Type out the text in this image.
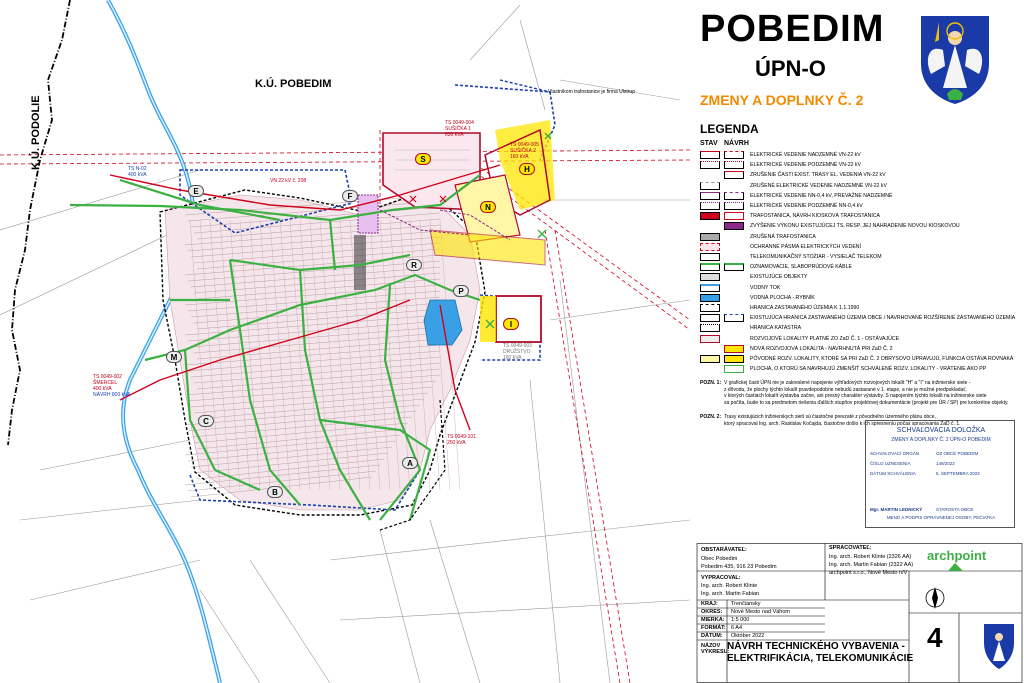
K.Ú. POBEDIM
K.Ú. PODOLIE
Vlastníkom trafostanice je firma Ulstrup
VN 22 kV č. 208
TS 0049-004
SUŠIČKA 1
630 kVA
TS 0049-005
SUŠIČKA 2
160 kVA
TS N-02
400 kVA
TS 0049-002
ŠMERCEL
400 kVA
NÁVRH 800 kVA
TS 0049-003
DRUŽSTVO
160 kVA
TS 0049-101
250 kVA
S
H
N
E
F
R
P
I
M
C
B
A
POBEDIM
ÚPN-O
ZMENY A DOPLNKY Č. 2
LEGENDA
STAV NÁVRH
ELEKTRICKÉ VEDENIE NADZEMNÉ VN-22 kV
ELEKTRICKÉ VEDENIE PODZEMNÉ VN-22 kV
ZRUŠENIE ČASTI EXIST. TRASY EL. VEDENIA VN-22 kV
ZRUŠENÉ ELEKTRICKÉ VEDENIE NADZEMNÉ VN-22 kV
ELEKTRICKÉ VEDENIE NN-0,4 kV, PREVAŽNE NADZEMNÉ
ELEKTRICKÉ VEDENIE PODZEMNÉ NN-0,4 kV
TRAFOSTANICA, NÁVRH KIOSKOVÁ TRAFOSTANICA
ZVÝŠENIE VÝKONU EXISTUJÚCEJ TS, RESP. JEJ NAHRADENIE NOVOU KIOSKOVOU
ZRUŠENÁ TRAFOSTANICA
OCHRANNÉ PÁSMA ELEKTRICKÝCH VEDENÍ
TELEKOMUNIKAČNÝ STOŽIAR - VYSIELAČ TELEKOM
OZNAMOVACIE, SLABOPRÚDOVÉ KÁBLE
EXISTUJÚCE OBJEKTY
VODNÝ TOK
VODNÁ PLOCHA - RYBNÍK
HRANICA ZASTAVANÉHO ÚZEMIA K 1.1.1990
EXISTUJÚCA HRANICA ZASTAVANÉHO ÚZEMIA OBCE / NAVRHOVANÉ ROZŠÍRENIE ZASTAVANÉHO ÚZEMIA
HRANICA KATASTRA
ROZVOJOVÉ LOKALITY PLATNÉ ZO ZaD Č. 1 - OSTÁVAJÚCE
NOVÁ ROZVOJOVÁ LOKALITA - NAVRHNUTÁ PRI ZaD Č. 2
PÔVODNÉ ROZV. LOKALITY, KTORÉ SA PRI ZaD Č. 2 OBRYSOVO UPRAVUJÚ, FUNKCIA OSTÁVA ROVNAKÁ
PLOCHA, O KTORÚ SA NAVRHUJÚ ZMENŠIŤ SCHVÁLENÉ ROZV. LOKALITY - VRÁTENIE AKO PP
POZN. 1: V grafickej časti ÚPN nie je zakreslené napojenie výhľadových rozvojových lokalít "H" a "I" na inžinierske siete -
z dôvodu, že plochy týchto lokalít pravdepodobne nebudú zastavané v 1. etape, a nie je možné predpokladať,
v ktorých častiach lokalít výstavba začne, ani presný charakter výstavby. S napojením týchto lokalít na inžinierske siete
sa počíta, bude to sa predmetom riešenia ďalších stupňov projektovej dokumentácie (projekt pre ÚR / SP) pre konkrétne objekty.
POZN. 2: Trasy existujúcich inžinierskych sietí sú čiastočne prevzaté z pôvodného územného plánu obce,
ktorý spracoval Ing. arch. Rastislav Kočajda, čiastočne došlo k ich spresneniu počas spracovania ZaD č. 1.
SCHVAĽOVACIA DOLOŽKA
ZMENY A DOPLNKY Č. 2 ÚPN-O POBEDIM
SCHVAĽOVACÍ ORGÁN	OZ OBCE POBEDIM
ČÍSLO UZNESENIA	149/2022
DÁTUM SCHVÁLENIA	5. SEPTEMBRA 2022
Mgr. MARTIN LEDNICKÝ	STAROSTA OBCE
MENO A PODPIS OPRÁVNENEJ OSOBY, PEČIATKA
OBSTARÁVATEĽ:
Obec Pobedim
Pobedim 435, 916 23 Pobedim
SPRACOVATEĽ:
Ing. arch. Robert Klinte (2326 AA)
Ing. arch. Martin Fabian (2322 AA)
archpoint s.r.o., Nové Mesto n/V
archpoint
VYPRACOVAL:
Ing. arch. Robert Klinte
Ing. arch. Martin Fabian
KRAJ: Trenčiansky
OKRES: Nové Mesto nad Váhom
MIERKA: 1:5 000
FORMÁT: 6 A4
DÁTUM: Október 2022
NÁZOV VÝKRESU:
NÁVRH TECHNICKÉHO VYBAVENIA -
ELEKTRIFIKÁCIA, TELEKOMUNIKÁCIE
4
